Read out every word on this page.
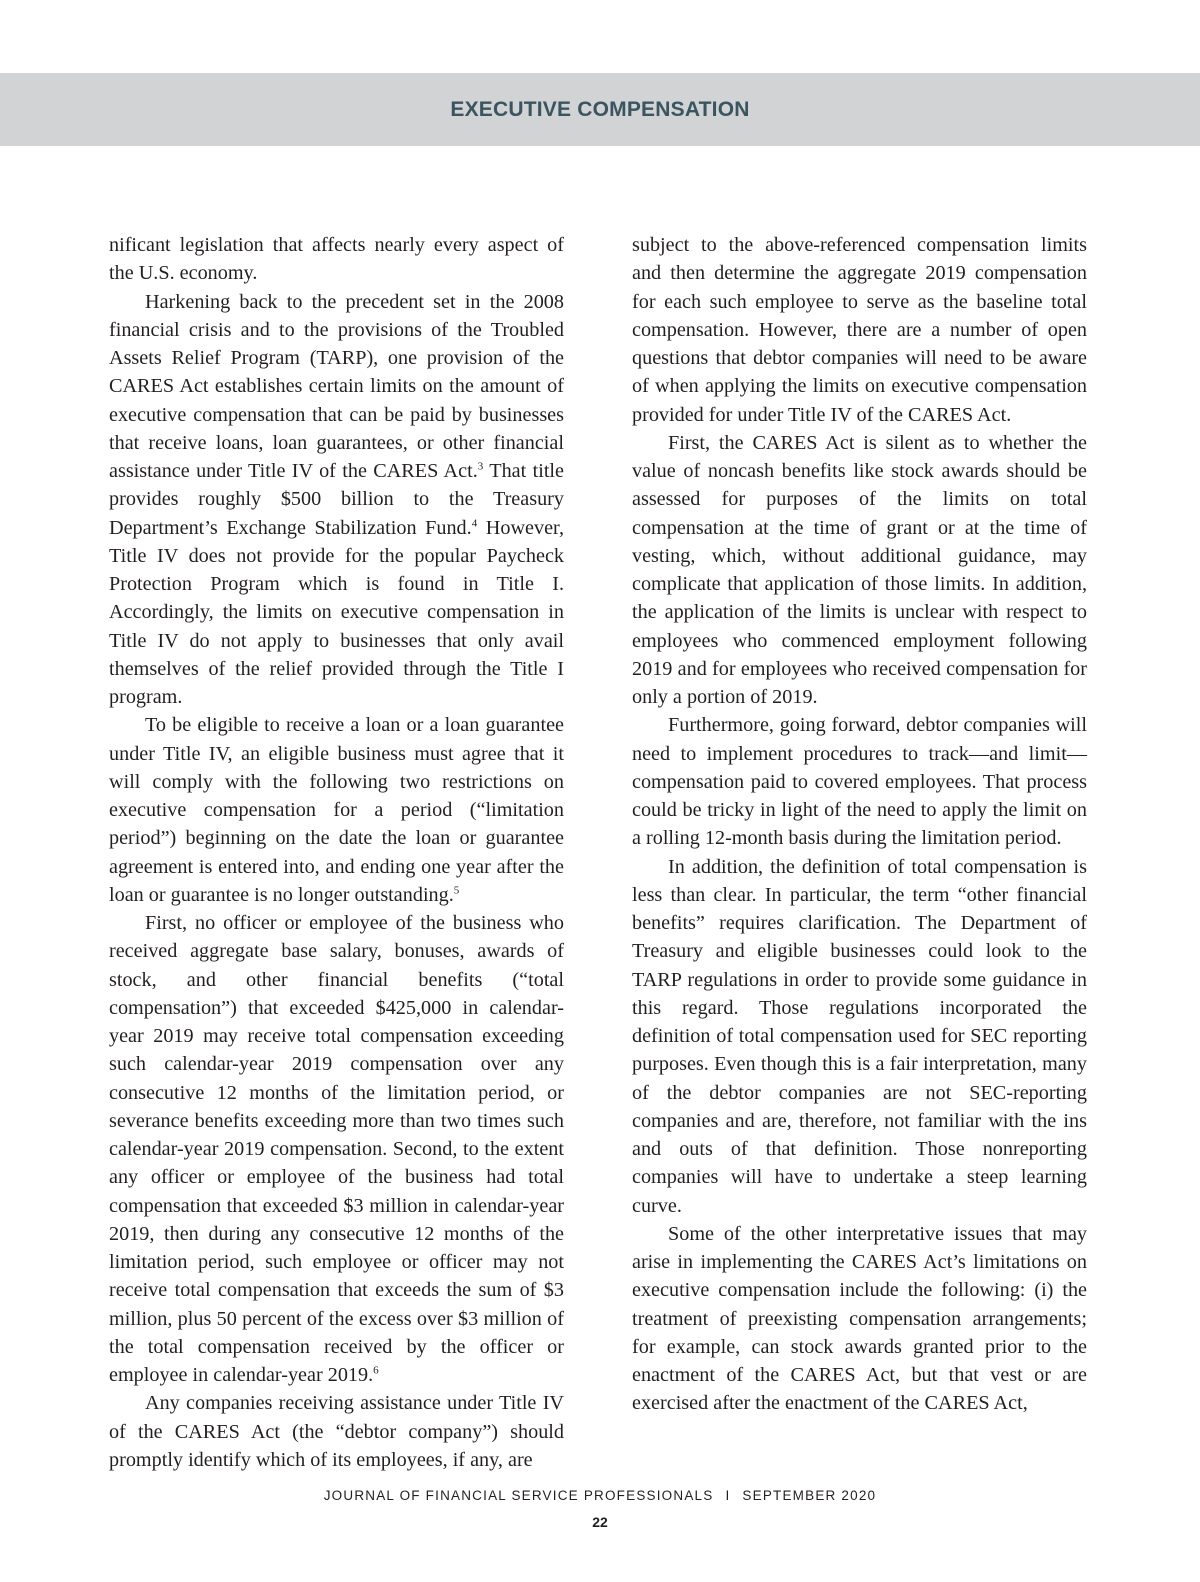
EXECUTIVE COMPENSATION

nificant legislation that affects nearly every aspect of the U.S. economy.

Harkening back to the precedent set in the 2008 financial crisis and to the provisions of the Troubled Assets Relief Program (TARP), one provision of the CARES Act establishes certain limits on the amount of executive compensation that can be paid by businesses that receive loans, loan guarantees, or other financial assistance under Title IV of the CARES Act.$^3$ That title provides roughly $500 billion to the Treasury Department’s Exchange Stabilization Fund.$^4$ However, Title IV does not provide for the popular Paycheck Protection Program which is found in Title I. Accordingly, the limits on executive compensation in Title IV do not apply to businesses that only avail themselves of the relief provided through the Title I program.

To be eligible to receive a loan or a loan guarantee under Title IV, an eligible business must agree that it will comply with the following two restrictions on executive compensation for a period (“limitation period”) beginning on the date the loan or guarantee agreement is entered into, and ending one year after the loan or guarantee is no longer outstanding.$^5$

First, no officer or employee of the business who received aggregate base salary, bonuses, awards of stock, and other financial benefits (“total compensation”) that exceeded $425,000 in calendar-year 2019 may receive total compensation exceeding such calendar-year 2019 compensation over any consecutive 12 months of the limitation period, or severance benefits exceeding more than two times such calendar-year 2019 compensation. Second, to the extent any officer or employee of the business had total compensation that exceeded $3 million in calendar-year 2019, then during any consecutive 12 months of the limitation period, such employee or officer may not receive total compensation that exceeds the sum of $3 million, plus 50 percent of the excess over $3 million of the total compensation received by the officer or employee in calendar-year 2019.$^6$

Any companies receiving assistance under Title IV of the CARES Act (the “debtor company”) should promptly identify which of its employees, if any, are

subject to the above-referenced compensation limits and then determine the aggregate 2019 compensation for each such employee to serve as the baseline total compensation. However, there are a number of open questions that debtor companies will need to be aware of when applying the limits on executive compensation provided for under Title IV of the CARES Act.

First, the CARES Act is silent as to whether the value of noncash benefits like stock awards should be assessed for purposes of the limits on total compensation at the time of grant or at the time of vesting, which, without additional guidance, may complicate that application of those limits. In addition, the application of the limits is unclear with respect to employees who commenced employment following 2019 and for employees who received compensation for only a portion of 2019.

Furthermore, going forward, debtor companies will need to implement procedures to track—and limit—compensation paid to covered employees. That process could be tricky in light of the need to apply the limit on a rolling 12-month basis during the limitation period.

In addition, the definition of total compensation is less than clear. In particular, the term “other financial benefits” requires clarification. The Department of Treasury and eligible businesses could look to the TARP regulations in order to provide some guidance in this regard. Those regulations incorporated the definition of total compensation used for SEC reporting purposes. Even though this is a fair interpretation, many of the debtor companies are not SEC-reporting companies and are, therefore, not familiar with the ins and outs of that definition. Those nonreporting companies will have to undertake a steep learning curve.

Some of the other interpretative issues that may arise in implementing the CARES Act’s limitations on executive compensation include the following: (i) the treatment of preexisting compensation arrangements; for example, can stock awards granted prior to the enactment of the CARES Act, but that vest or are exercised after the enactment of the CARES Act,

JOURNAL OF FINANCIAL SERVICE PROFESSIONALS I SEPTEMBER 2020
22
